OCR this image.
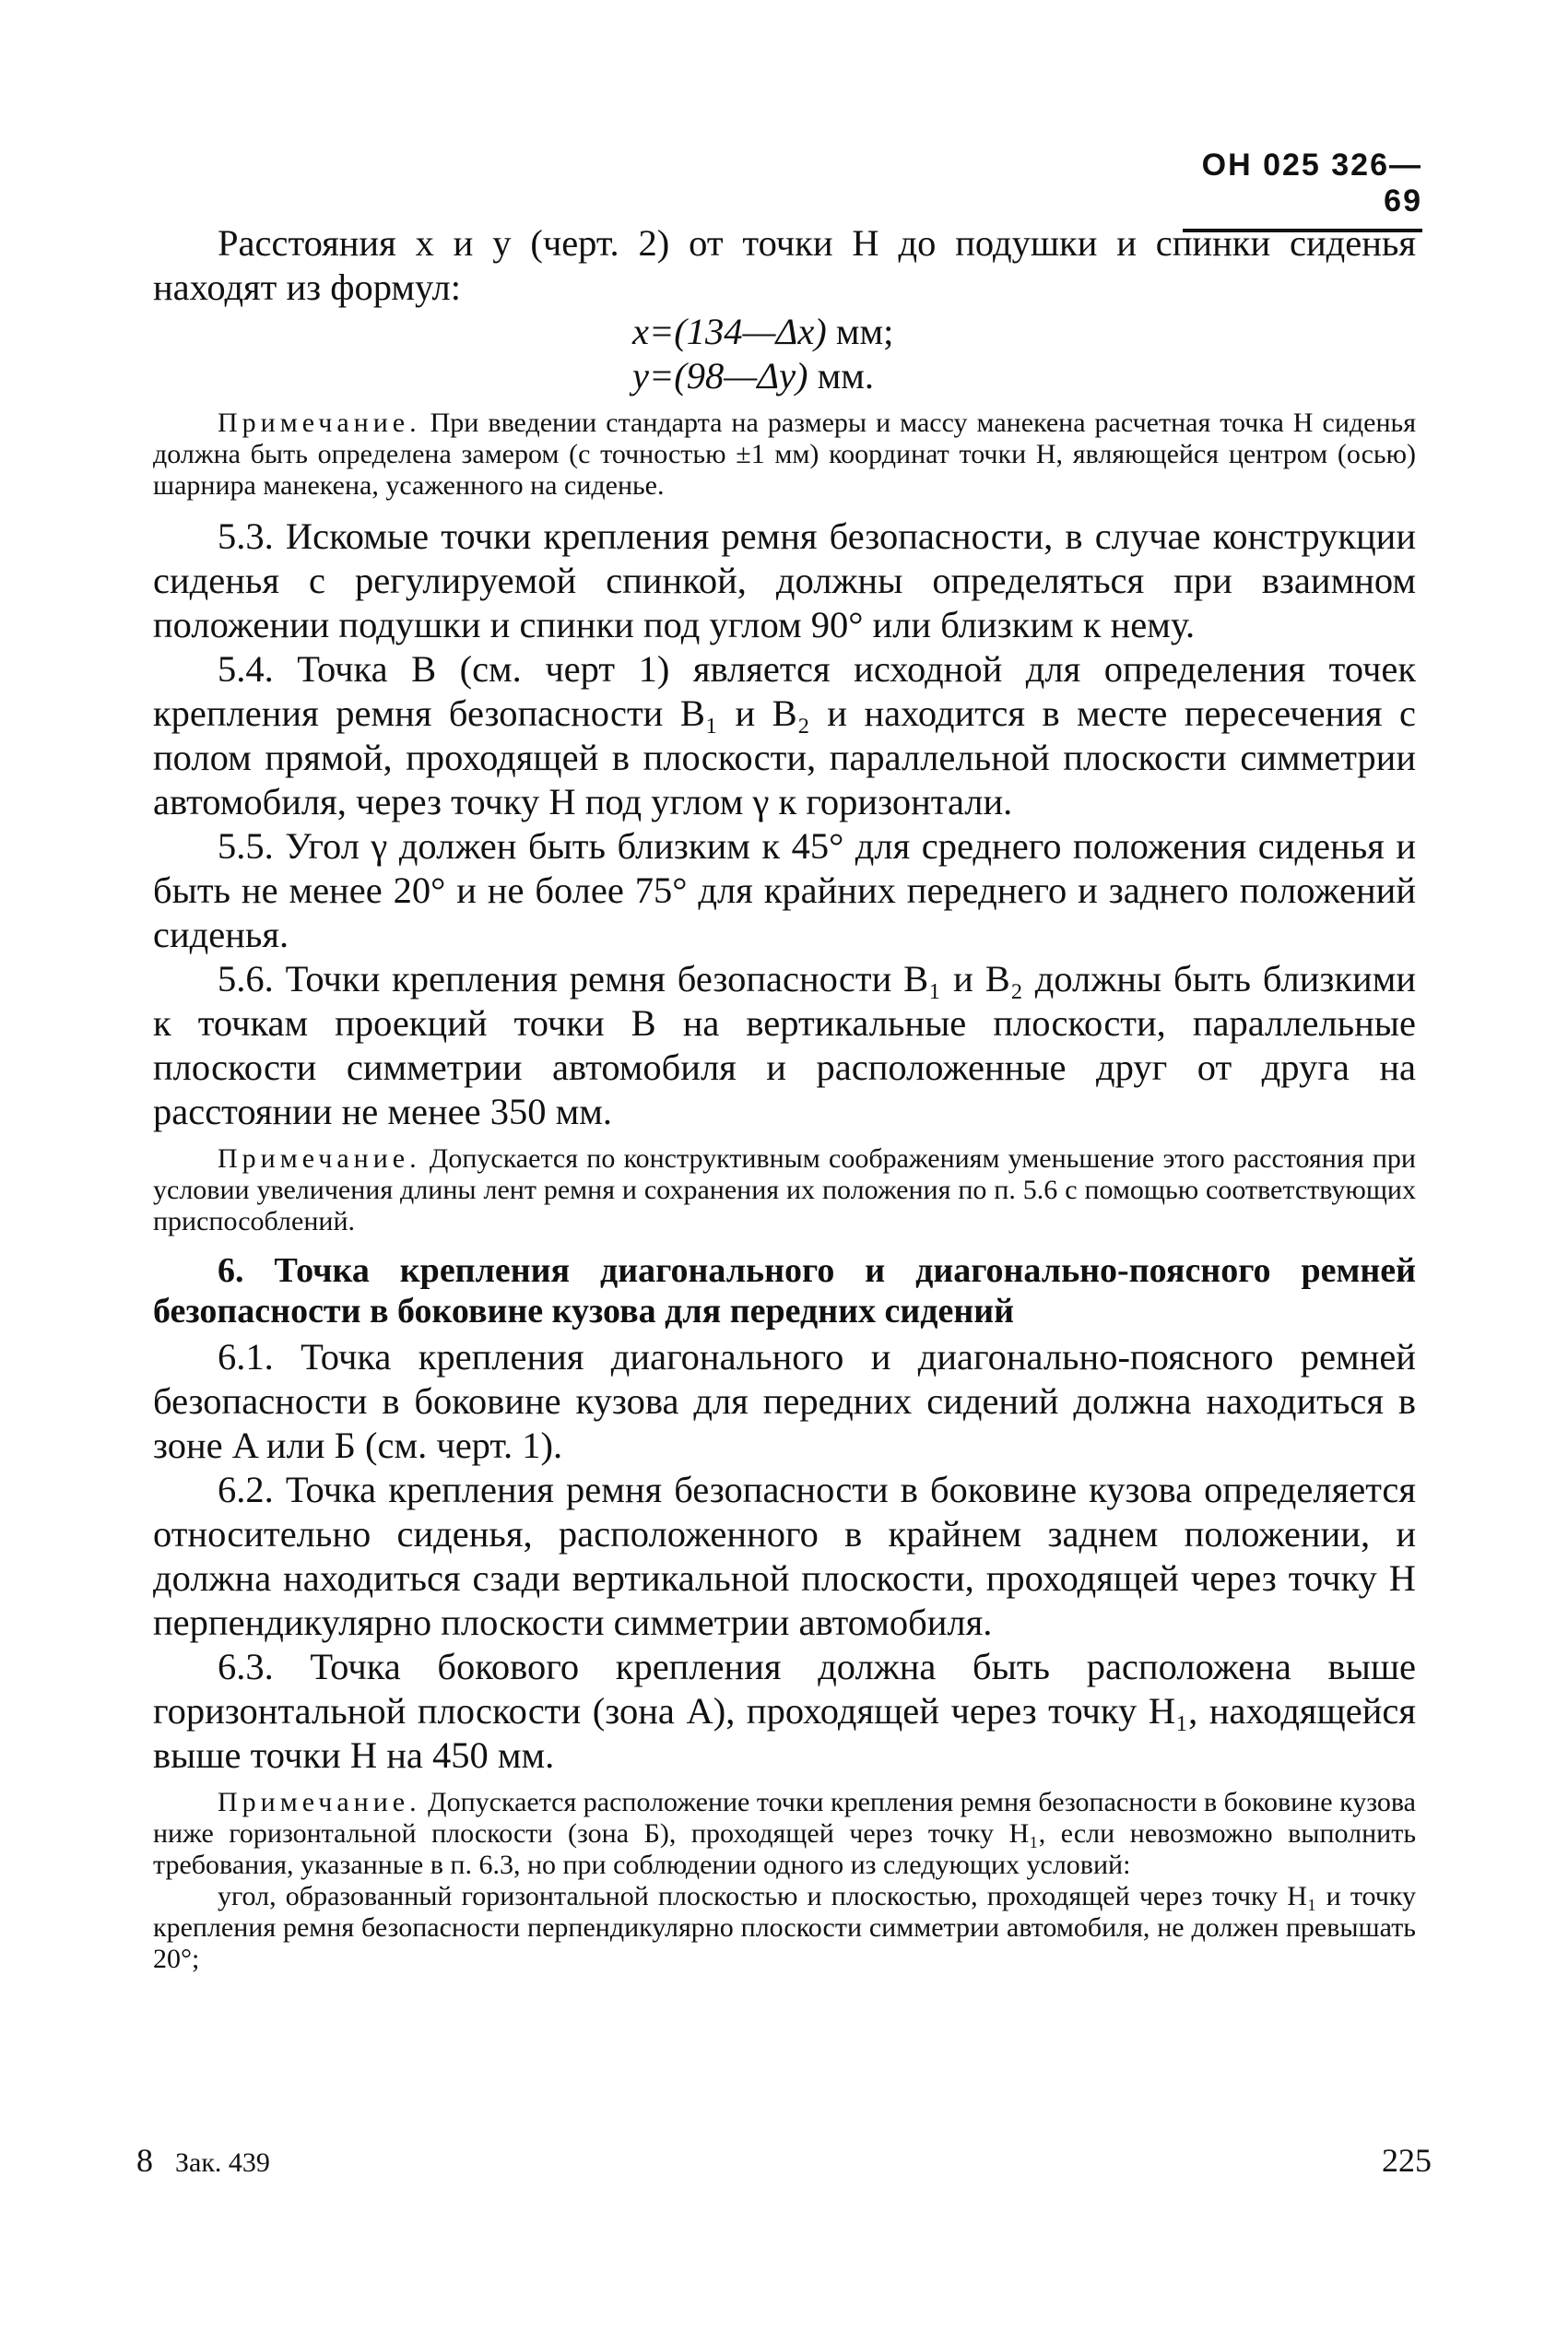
ОН 025 326—69

Расстояния x и y (черт. 2) от точки H до подушки и спинки сиденья находят из формул:

x=(134—Δx) мм;

y=(98—Δy) мм.

Примечание. При введении стандарта на размеры и массу манекена расчетная точка H сиденья должна быть определена замером (с точностью ±1 мм) координат точки H, являющейся центром (осью) шарнира манекена, усаженного на сиденье.

5.3. Искомые точки крепления ремня безопасности, в случае конструкции сиденья с регулируемой спинкой, должны определяться при взаимном положении подушки и спинки под углом 90° или близким к нему.

5.4. Точка B (см. черт 1) является исходной для определения точек крепления ремня безопасности B₁ и B₂ и находится в месте пересечения с полом прямой, проходящей в плоскости, параллельной плоскости симметрии автомобиля, через точку H под углом γ к горизонтали.

5.5. Угол γ должен быть близким к 45° для среднего положения сиденья и быть не менее 20° и не более 75° для крайних переднего и заднего положений сиденья.

5.6. Точки крепления ремня безопасности B₁ и B₂ должны быть близкими к точкам проекций точки B на вертикальные плоскости, параллельные плоскости симметрии автомобиля и расположенные друг от друга на расстоянии не менее 350 мм.

Примечание. Допускается по конструктивным соображениям уменьшение этого расстояния при условии увеличения длины лент ремня и сохранения их положения по п. 5.6 с помощью соответствующих приспособлений.

6. Точка крепления диагонального и диагонально-поясного ремней безопасности в боковине кузова для передних сидений

6.1. Точка крепления диагонального и диагонально-поясного ремней безопасности в боковине кузова для передних сидений должна находиться в зоне A или Б (см. черт. 1).

6.2. Точка крепления ремня безопасности в боковине кузова определяется относительно сиденья, расположенного в крайнем заднем положении, и должна находиться сзади вертикальной плоскости, проходящей через точку H перпендикулярно плоскости симметрии автомобиля.

6.3. Точка бокового крепления должна быть расположена выше горизонтальной плоскости (зона A), проходящей через точку H₁, находящейся выше точки H на 450 мм.

Примечание. Допускается расположение точки крепления ремня безопасности в боковине кузова ниже горизонтальной плоскости (зона Б), проходящей через точку H₁, если невозможно выполнить требования, указанные в п. 6.3, но при соблюдении одного из следующих условий:
угол, образованный горизонтальной плоскостью и плоскостью, проходящей через точку H₁ и точку крепления ремня безопасности перпендикулярно плоскости симметрии автомобиля, не должен превышать 20°;

8 Зак. 439	225
